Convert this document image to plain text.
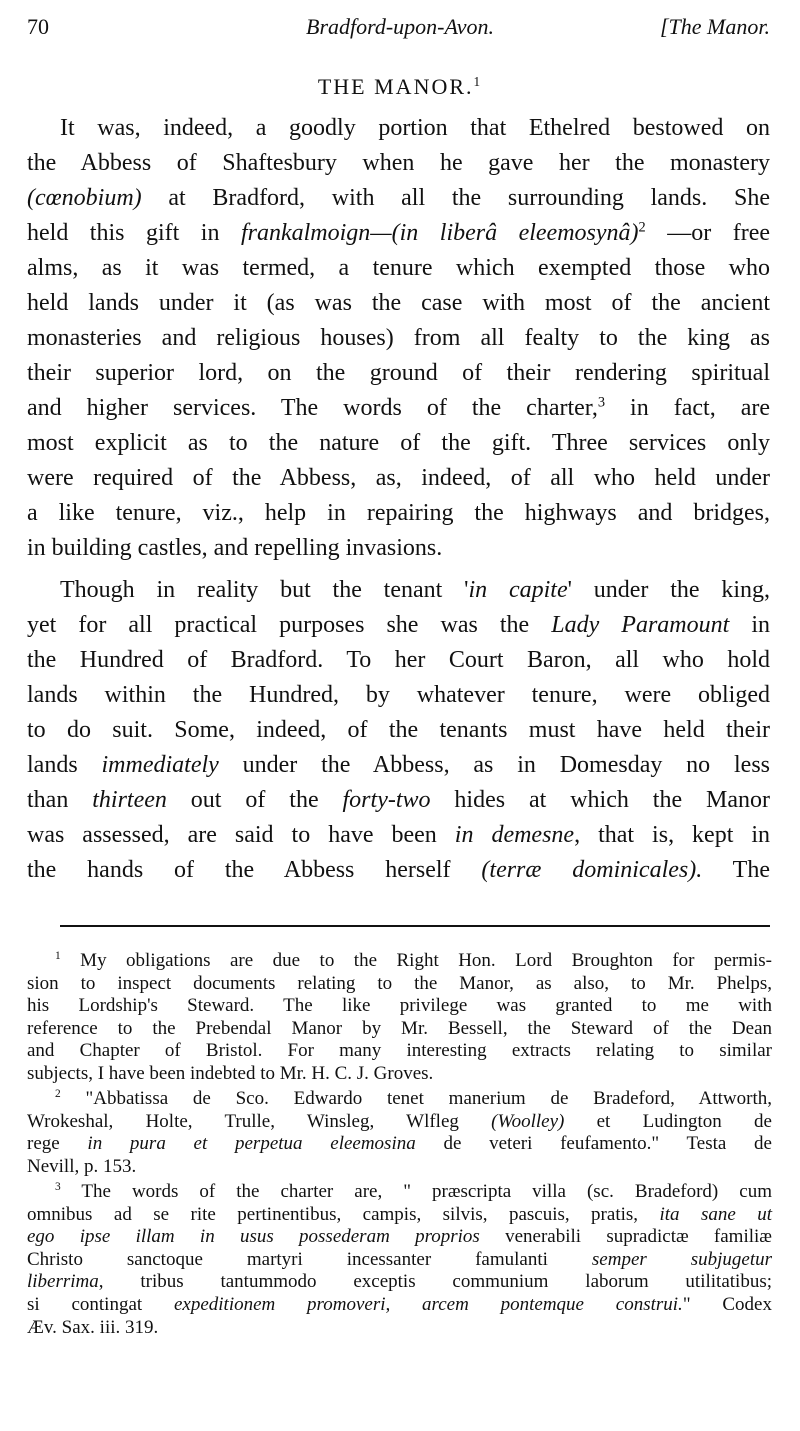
70	Bradford-upon-Avon.	[The Manor.
THE MANOR.$^1$
It was, indeed, a goodly portion that Ethelred bestowed on
the Abbess of Shaftesbury when he gave her the monastery
(cœnobium) at Bradford, with all the surrounding lands. She
held this gift in frankalmoign—(in liberâ eleemosynâ)$^2$ —or free
alms, as it was termed, a tenure which exempted those who
held lands under it (as was the case with most of the ancient
monasteries and religious houses) from all fealty to the king as
their superior lord, on the ground of their rendering spiritual
and higher services. The words of the charter,$^3$ in fact, are
most explicit as to the nature of the gift. Three services only
were required of the Abbess, as, indeed, of all who held under
a like tenure, viz., help in repairing the highways and bridges,
in building castles, and repelling invasions.
Though in reality but the tenant 'in capite' under the king,
yet for all practical purposes she was the Lady Paramount in
the Hundred of Bradford. To her Court Baron, all who hold
lands within the Hundred, by whatever tenure, were obliged
to do suit. Some, indeed, of the tenants must have held their
lands immediately under the Abbess, as in Domesday no less
than thirteen out of the forty-two hides at which the Manor
was assessed, are said to have been in demesne, that is, kept in
the hands of the Abbess herself (terræ dominicales). The
$^1$ My obligations are due to the Right Hon. Lord Broughton for permis-
sion to inspect documents relating to the Manor, as also, to Mr. Phelps,
his Lordship's Steward. The like privilege was granted to me with
reference to the Prebendal Manor by Mr. Bessell, the Steward of the Dean
and Chapter of Bristol. For many interesting extracts relating to similar
subjects, I have been indebted to Mr. H. C. J. Groves.
$^2$ "Abbatissa de Sco. Edwardo tenet manerium de Bradeford, Attworth,
Wrokeshal, Holte, Trulle, Winsleg, Wlfleg (Woolley) et Ludington de
rege in pura et perpetua eleemosina de veteri feufamento." Testa de
Nevill, p. 153.
$^3$ The words of the charter are, " præscripta villa (sc. Bradeford) cum
omnibus ad se rite pertinentibus, campis, silvis, pascuis, pratis, ita sane ut
ego ipse illam in usus possederam proprios venerabili supradictæ familiæ
Christo sanctoque martyri incessanter famulanti semper subjugetur
liberrima, tribus tantummodo exceptis communium laborum utilitatibus;
si contingat expeditionem promoveri, arcem pontemque construi." Codex
Æv. Sax. iii. 319.
